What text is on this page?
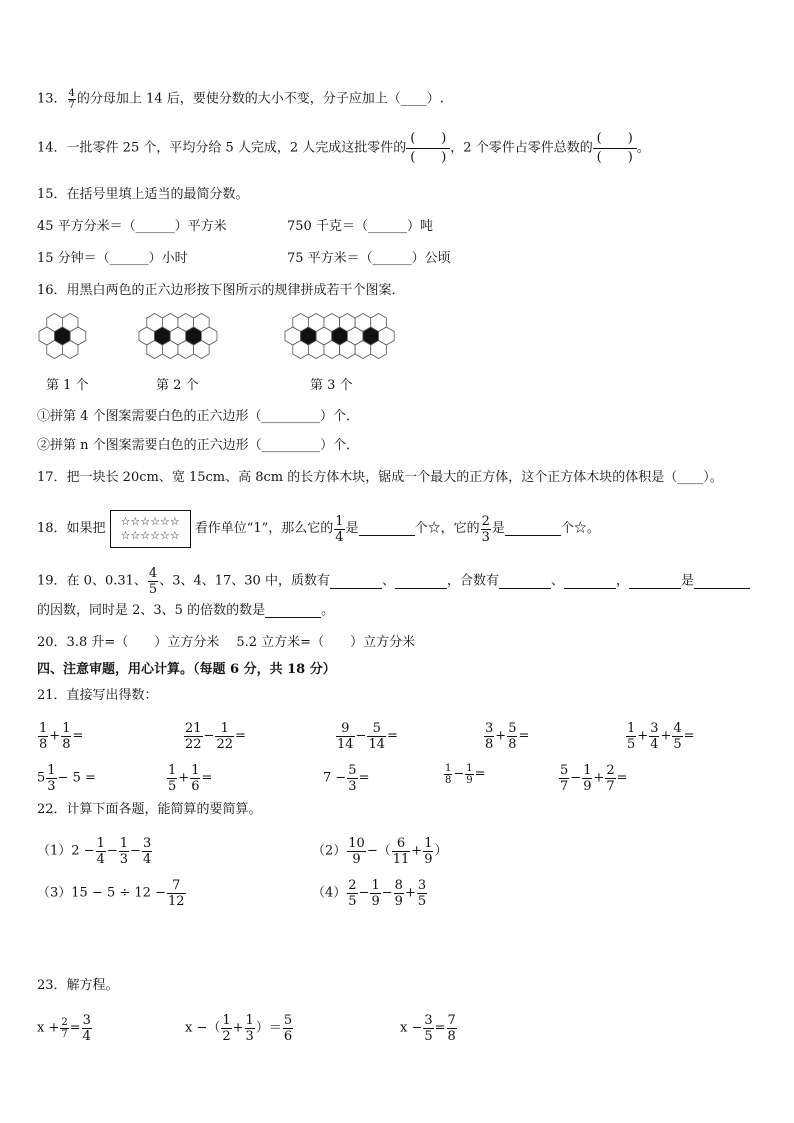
13． $\frac{4}{7}$ 的分母加上 14 后，要使分数的大小不变，分子应加上（____）.
14．一批零件 25 个，平均分给 5 人完成，2 人完成这批零件的
(   )
(   )
，2 个零件占零件总数的
(   )
(   )
。
15．在括号里填上适当的最简分数。
45 平方分米＝（______）平方米	750 千克＝（______）吨
15 分钟＝（______）小时	75 平方米＝（______）公顷
16．用黑白两色的正六边形按下图所示的规律拼成若干个图案．
第 1 个	第 2 个	第 3 个
①拼第 4 个图案需要白色的正六边形（_________）个．
②拼第 n 个图案需要白色的正六边形（_________）个．
17．把一块长 20cm、宽 15cm、高 8cm 的长方体木块，锯成一个最大的正方体，这个正方体木块的体积是（____）。
18．如果把 ☆☆☆☆☆☆
☆☆☆☆☆☆ 看作单位“1”，那么它的 $\frac{1}{4}$ 是	个☆，它的 $\frac{2}{3}$ 是	个☆。
19．在 0、0.31、 $\frac{4}{5}$ 、3、4、17、30 中，质数有	、	，合数有	、	，	是
的因数，同时是 2、3、5 的倍数的数是	。
20．3.8 升=（　　）立方分米　 5.2 立方米=（　　）立方分米
四、注意审题，用心计算。（每题 6 分，共 18 分）
21．直接写出得数：
$\frac{1}{8} + \frac{1}{8}$ =	$\frac{21}{22} - \frac{1}{22}$ =	$\frac{9}{14} - \frac{5}{14}$ =	$\frac{3}{8} + \frac{5}{8}$ =	$\frac{1}{5} + \frac{3}{4} + \frac{4}{5}$ =
$5 \frac{1}{3} - 5$ =	$\frac{1}{5} + \frac{1}{6}$ =	$7 - \frac{5}{3}$ =	$\frac{1}{8} - \frac{1}{9}$ =	$\frac{5}{7} - \frac{1}{9} + \frac{2}{7}$ =
22．计算下面各题，能简算的要简算。
$(1)2 - \frac{1}{4} - \frac{1}{3} - \frac{3}{4}$	$(2) \frac{10}{9}$ −（ $\frac{6}{11} + \frac{1}{9}$ ）
$(3)15 - 5 \div 12 - \frac{7}{12}$	$(4) \frac{2}{5} - \frac{1}{9} - \frac{8}{9} + \frac{3}{5}$
23．解方程。
$x + \frac{2}{7} = \frac{3}{4}$	x −（ $\frac{1}{2} + \frac{1}{3}$ ）＝ $\frac{5}{6}$	$x - \frac{3}{5} = \frac{7}{8}$
